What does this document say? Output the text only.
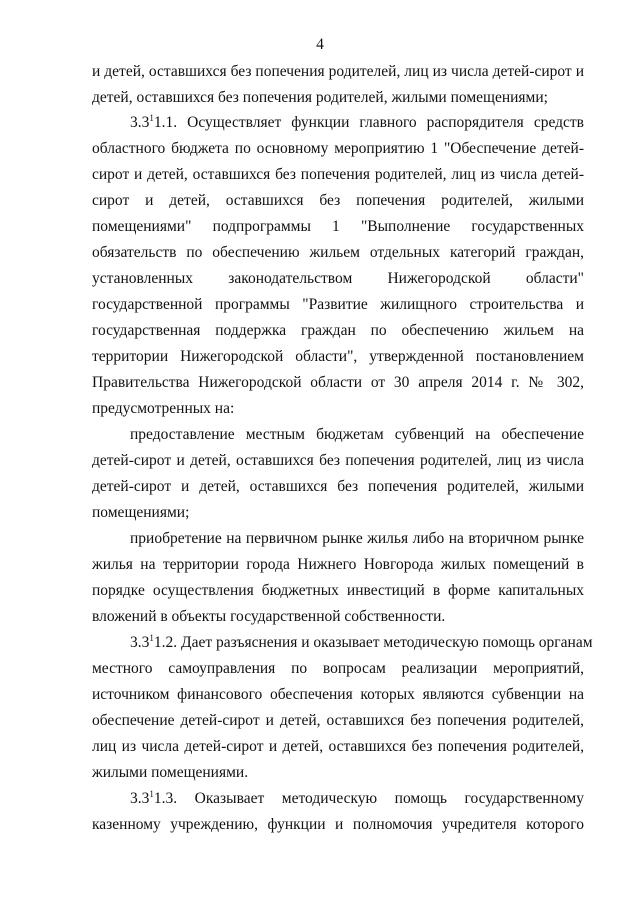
4
и детей, оставшихся без попечения родителей, лиц из числа детей-сирот и
детей, оставшихся без попечения родителей, жилыми помещениями;
$3.3^11.1$. Осуществляет функции главного распорядителя средств
областного бюджета по основному мероприятию 1 "Обеспечение детей-
сирот и детей, оставшихся без попечения родителей, лиц из числа детей-
сирот и детей, оставшихся без попечения родителей, жилыми
помещениями" подпрограммы 1 "Выполнение государственных
обязательств по обеспечению жильем отдельных категорий граждан,
установленных законодательством Нижегородской области"
государственной программы "Развитие жилищного строительства и
государственная поддержка граждан по обеспечению жильем на
территории Нижегородской области", утвержденной постановлением
Правительства Нижегородской области от 30 апреля 2014 г. № 302,
предусмотренных на:
предоставление местным бюджетам субвенций на обеспечение
детей-сирот и детей, оставшихся без попечения родителей, лиц из числа
детей-сирот и детей, оставшихся без попечения родителей, жилыми
помещениями;
приобретение на первичном рынке жилья либо на вторичном рынке
жилья на территории города Нижнего Новгорода жилых помещений в
порядке осуществления бюджетных инвестиций в форме капитальных
вложений в объекты государственной собственности.
$3.3^11.2$. Дает разъяснения и оказывает методическую помощь органам
местного самоуправления по вопросам реализации мероприятий,
источником финансового обеспечения которых являются субвенции на
обеспечение детей-сирот и детей, оставшихся без попечения родителей,
лиц из числа детей-сирот и детей, оставшихся без попечения родителей,
жилыми помещениями.
$3.3^11.3$. Оказывает методическую помощь государственному
казенному учреждению, функции и полномочия учредителя которого
